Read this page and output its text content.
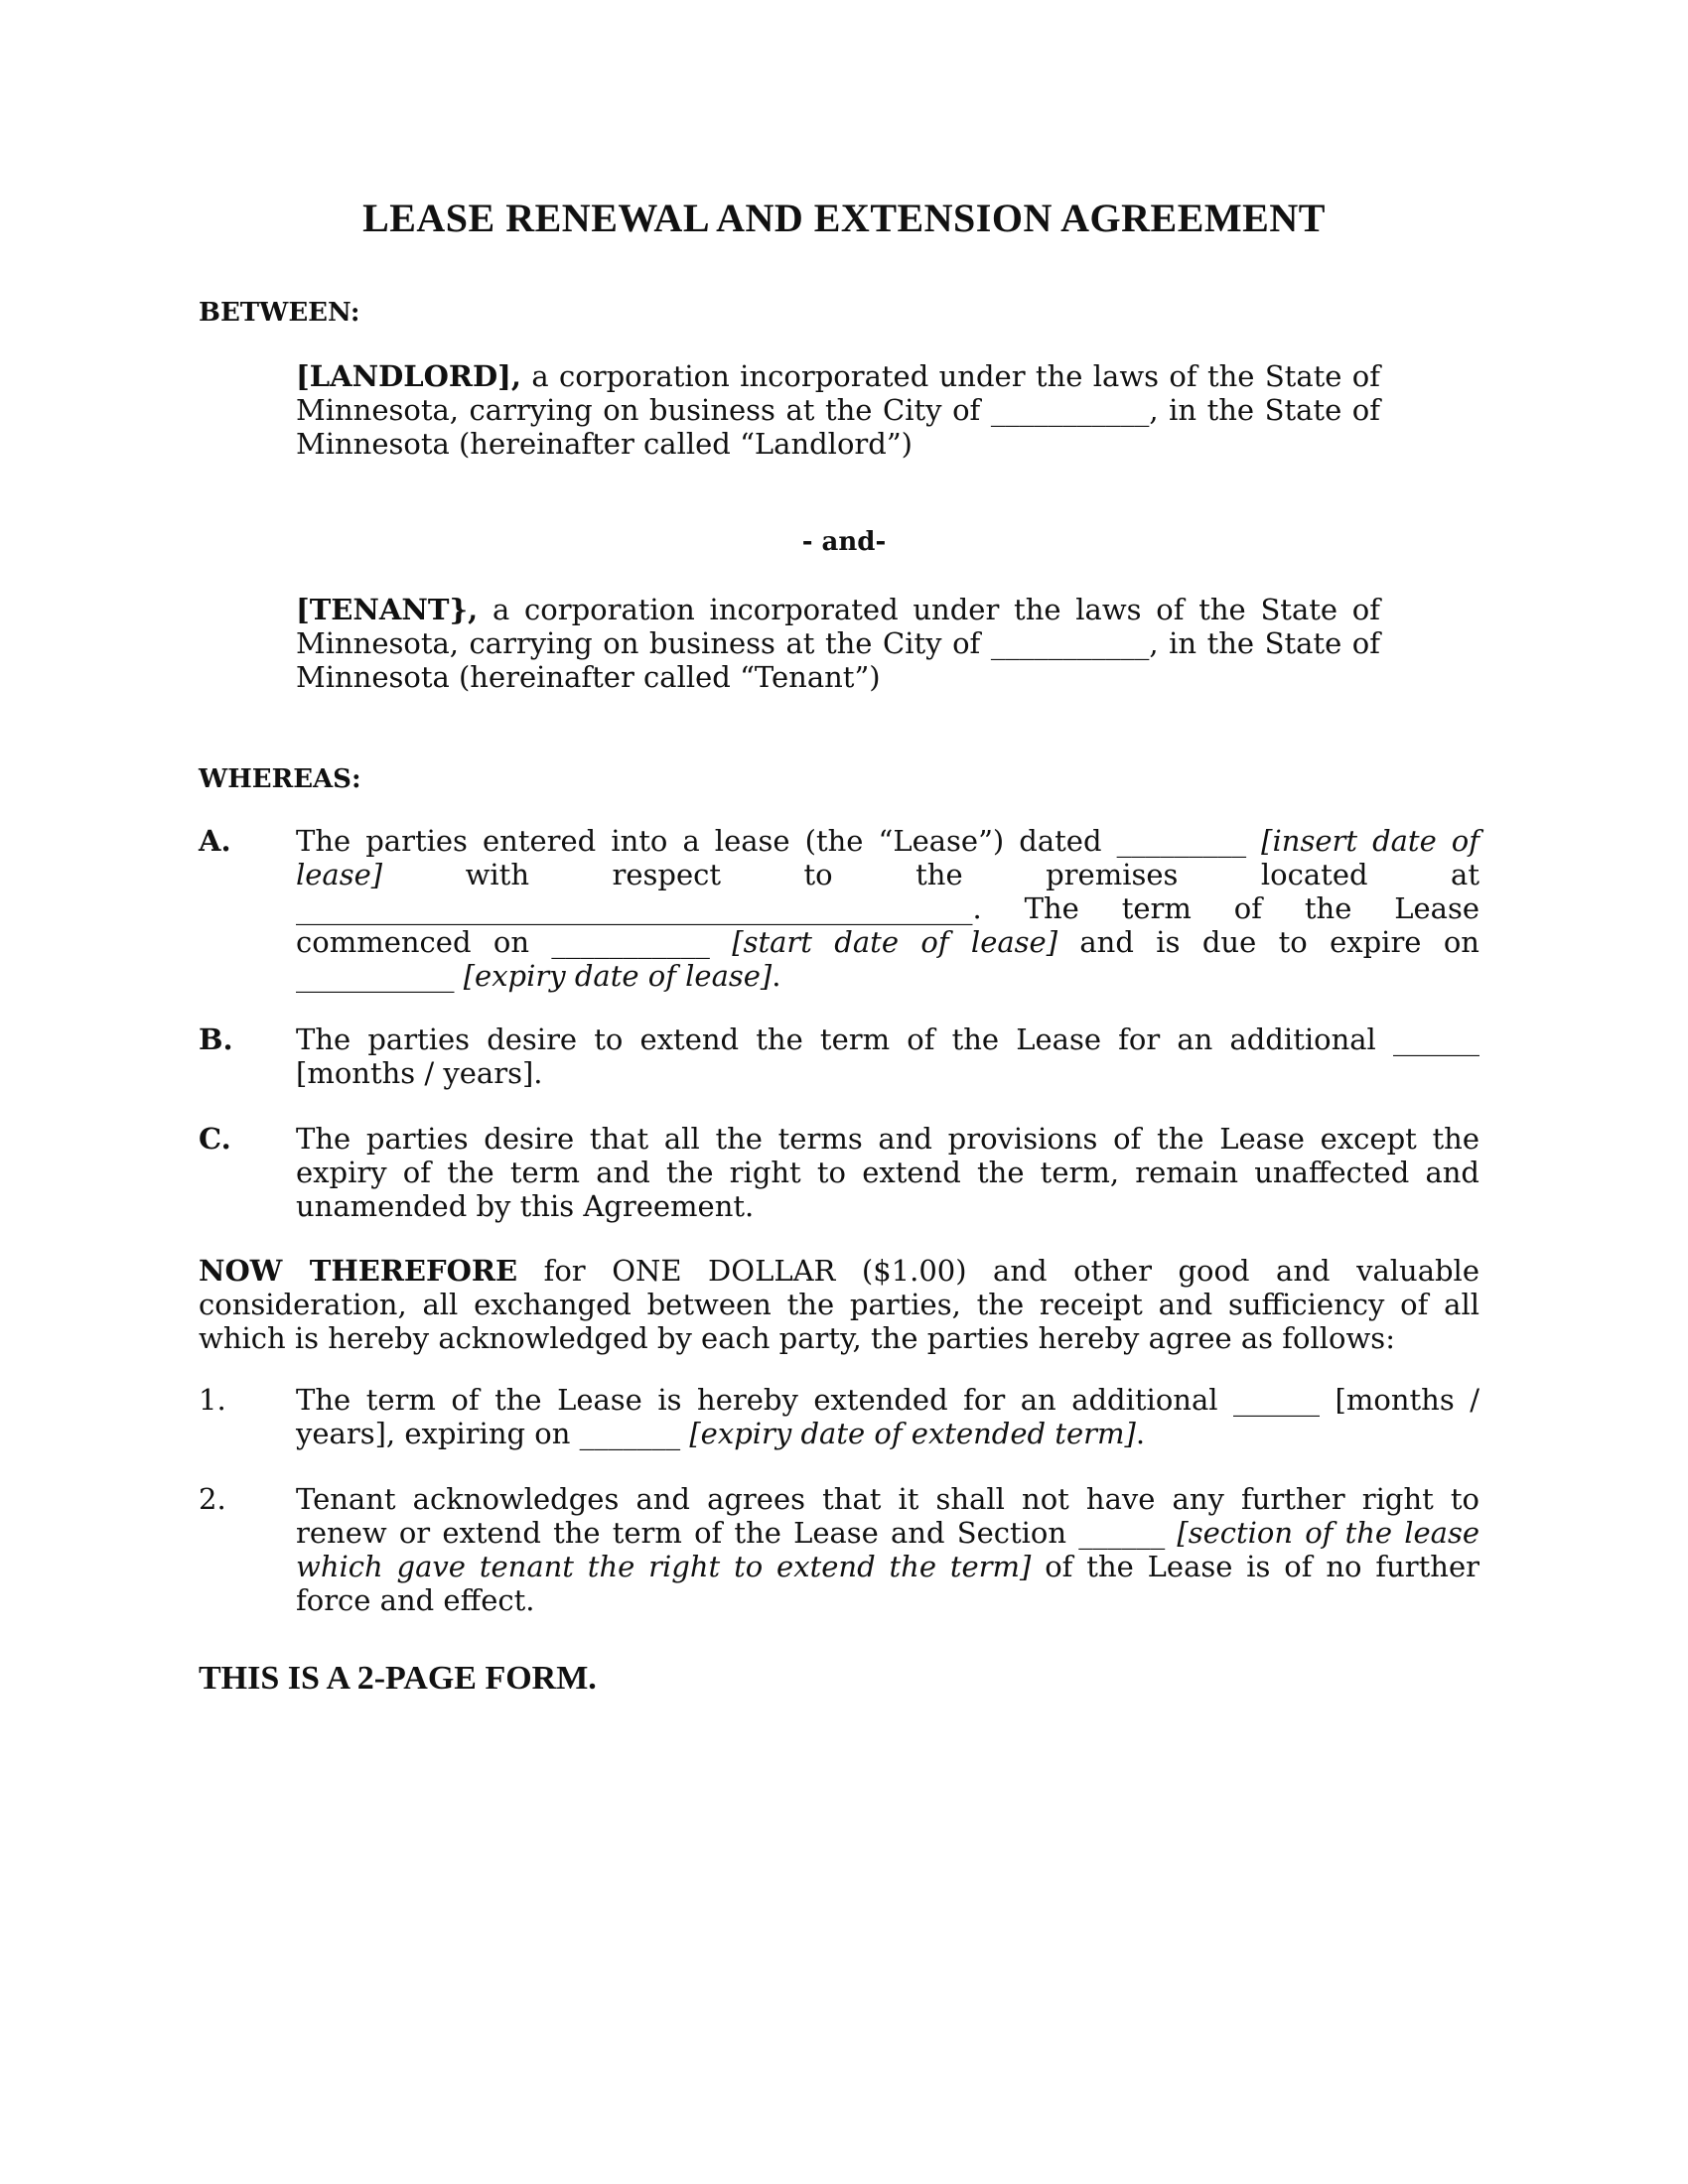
LEASE RENEWAL AND EXTENSION AGREEMENT

BETWEEN:

[LANDLORD], a corporation incorporated under the laws of the State of Minnesota, carrying on business at the City of ___________, in the State of Minnesota (hereinafter called “Landlord”)

- and-

[TENANT}, a corporation incorporated under the laws of the State of Minnesota, carrying on business at the City of ___________, in the State of Minnesota (hereinafter called “Tenant”)

WHEREAS:

A.	The parties entered into a lease (the “Lease”) dated _________ [insert date of lease] with respect to the premises located at _______________________________________________. The term of the Lease commenced on ___________ [start date of lease] and is due to expire on ___________ [expiry date of lease].

B.	The parties desire to extend the term of the Lease for an additional ______ [months / years].

C.	The parties desire that all the terms and provisions of the Lease except the expiry of the term and the right to extend the term, remain unaffected and unamended by this Agreement.

NOW THEREFORE for ONE DOLLAR ($1.00) and other good and valuable consideration, all exchanged between the parties, the receipt and sufficiency of all which is hereby acknowledged by each party, the parties hereby agree as follows:

1.	The term of the Lease is hereby extended for an additional ______ [months / years], expiring on _______ [expiry date of extended term].

2.	Tenant acknowledges and agrees that it shall not have any further right to renew or extend the term of the Lease and Section ______ [section of the lease which gave tenant the right to extend the term] of the Lease is of no further force and effect.

THIS IS A 2-PAGE FORM.
